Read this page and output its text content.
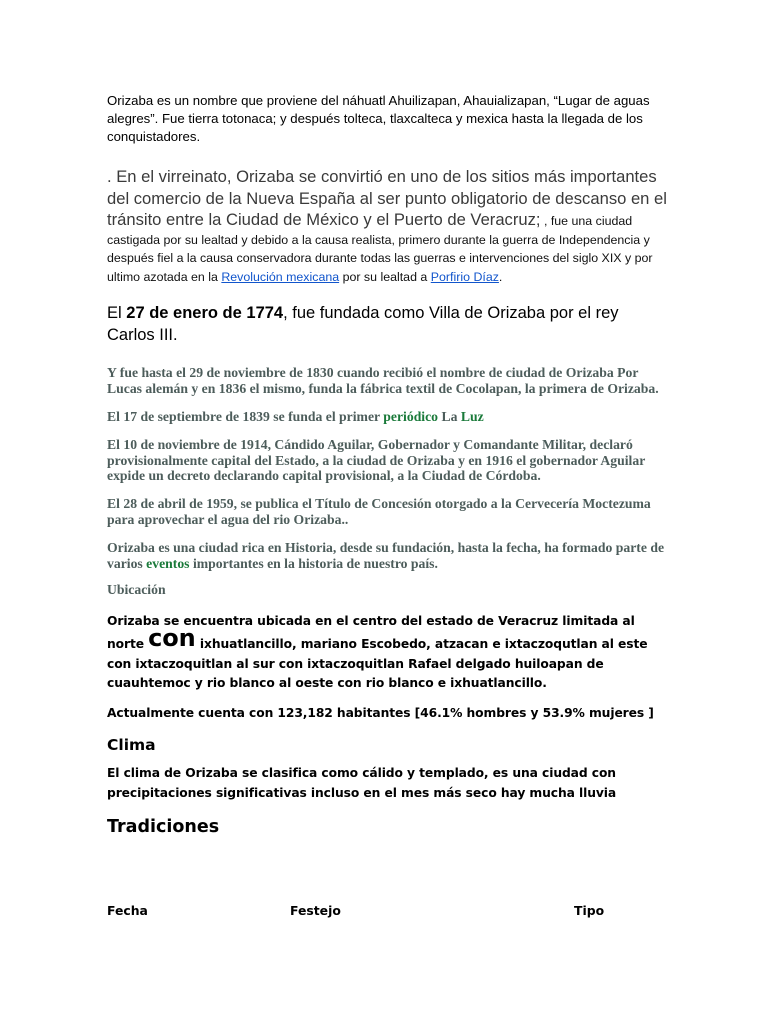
Orizaba es un nombre que proviene del náhuatl Ahuilizapan, Ahauializapan, “Lugar de aguas alegres”. Fue tierra totonaca; y después tolteca, tlaxcalteca y mexica hasta la llegada de los conquistadores.

. En el virreinato, Orizaba se convirtió en uno de los sitios más importantes del comercio de la Nueva España al ser punto obligatorio de descanso en el tránsito entre la Ciudad de México y el Puerto de Veracruz; , fue una ciudad castigada por su lealtad y debido a la causa realista, primero durante la guerra de Independencia y después fiel a la causa conservadora durante todas las guerras e intervenciones del siglo XIX y por ultimo azotada en la Revolución mexicana por su lealtad a Porfirio Díaz.

El 27 de enero de 1774, fue fundada como Villa de Orizaba por el rey Carlos III.

Y fue hasta el 29 de noviembre de 1830 cuando recibió el nombre de ciudad de Orizaba Por Lucas alemán y en 1836 el mismo, funda la fábrica textil de Cocolapan, la primera de Orizaba.

El 17 de septiembre de 1839 se funda el primer periódico La Luz

El 10 de noviembre de 1914, Cándido Aguilar, Gobernador y Comandante Militar, declaró provisionalmente capital del Estado, a la ciudad de Orizaba y en 1916 el gobernador Aguilar expide un decreto declarando capital provisional, a la Ciudad de Córdoba.

El 28 de abril de 1959, se publica el Título de Concesión otorgado a la Cervecería Moctezuma para aprovechar el agua del rio Orizaba..

Orizaba es una ciudad rica en Historia, desde su fundación, hasta la fecha, ha formado parte de varios eventos importantes en la historia de nuestro país.

Ubicación

Orizaba se encuentra ubicada en el centro del estado de Veracruz limitada al norte con ixhuatlancillo, mariano Escobedo, atzacan e ixtaczoqutlan al este con ixtaczoquitlan al sur con ixtaczoquitlan Rafael delgado huiloapan de cuauhtemoc y rio blanco al oeste con rio blanco e ixhuatlancillo.

Actualmente cuenta con 123,182 habitantes [46.1% hombres y 53.9% mujeres ]

Clima

El clima de Orizaba se clasifica como cálido y templado, es una ciudad con precipitaciones significativas incluso en el mes más seco hay mucha lluvia

Tradiciones
Fecha	Festejo	Tipo
